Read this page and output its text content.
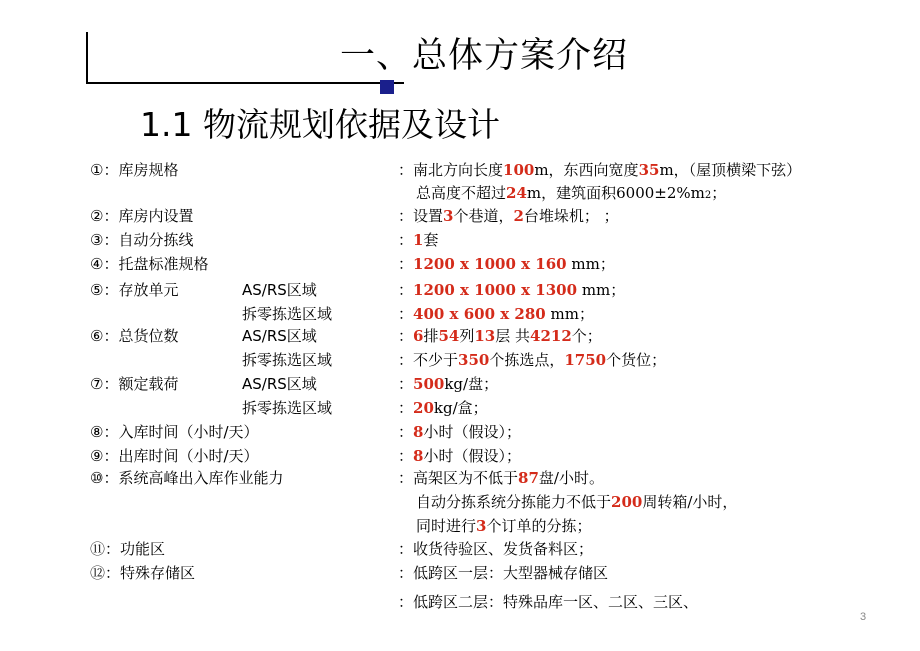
一、总体方案介绍
1.1 物流规划依据及设计
①：库房规格	：南北方向长度100m，东西向宽度35m，（屋顶横梁下弦）
总高度不超过24m，建筑面积6000±2%m2；
②：库房内设置	：设置3个巷道，2台堆垛机； ；
③：自动分拣线	：1套
④：托盘标准规格	：1200 x 1000 x 160 mm；
⑤：存放单元	AS/RS区域	：1200 x 1000 x 1300 mm；
拆零拣选区域	：400 x 600 x 280 mm；
⑥：总货位数	AS/RS区域	：6排54列13层 共4212个；
拆零拣选区域	：不少于350个拣选点，1750个货位；
⑦：额定载荷	AS/RS区域	：500kg/盘；
拆零拣选区域	：20kg/盒；
⑧：入库时间（小时/天）	：8小时（假设）；
⑨：出库时间（小时/天）	：8小时（假设）；
⑩：系统高峰出入库作业能力	：高架区为不低于87盘/小时。
自动分拣系统分拣能力不低于200周转箱/小时，
同时进行3个订单的分拣；
⑪：功能区	：收货待验区、发货备料区；
⑫：特殊存储区	：低跨区一层：大型器械存储区
：低跨区二层：特殊品库一区、二区、三区、
3
